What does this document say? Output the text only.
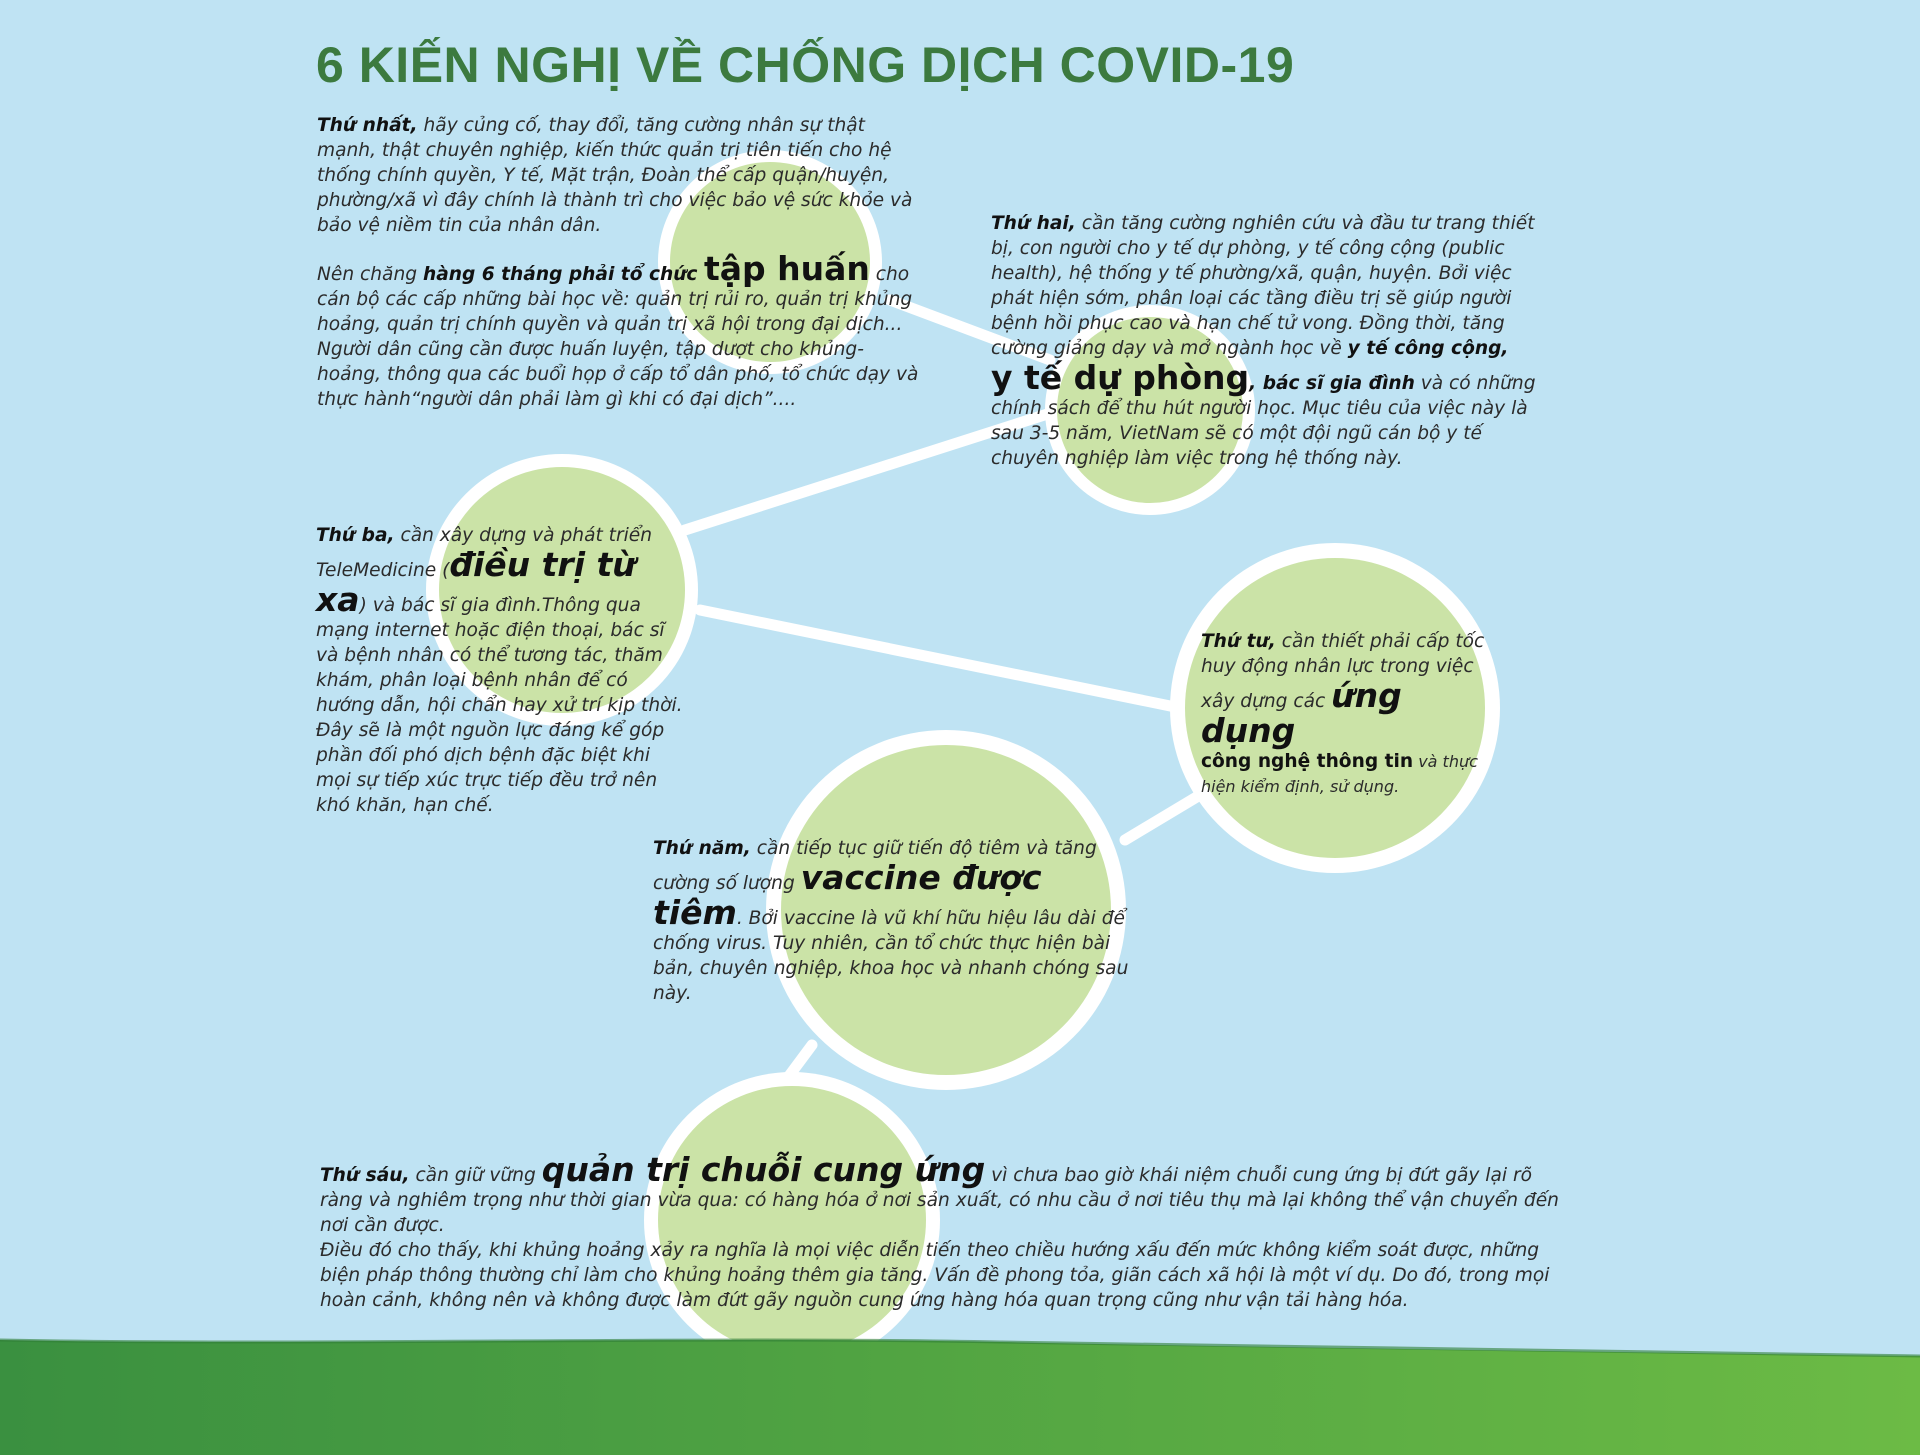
6 KIẾN NGHỊ VỀ CHỐNG DỊCH COVID-19

Thứ nhất, hãy củng cố, thay đổi, tăng cường nhân sự thật mạnh, thật chuyên nghiệp, kiến thức quản trị tiên tiến cho hệ thống chính quyền, Y tế, Mặt trận, Đoàn thể cấp quận/huyện, phường/xã vì đây chính là thành trì cho việc bảo vệ sức khỏe và bảo vệ niềm tin của nhân dân.

Nên chăng hàng 6 tháng phải tổ chức tập huấn cho cán bộ các cấp những bài học về: quản trị rủi ro, quản trị khủng hoảng, quản trị chính quyền và quản trị xã hội trong đại dịch... Người dân cũng cần được huấn luyện, tập dượt cho khủng-hoảng, thông qua các buổi họp ở cấp tổ dân phố, tổ chức dạy và thực hành“người dân phải làm gì khi có đại dịch”....

Thứ hai, cần tăng cường nghiên cứu và đầu tư trang thiết bị, con người cho y tế dự phòng, y tế công cộng (public health), hệ thống y tế phường/xã, quận, huyện. Bởi việc phát hiện sớm, phân loại các tầng điều trị sẽ giúp người bệnh hồi phục cao và hạn chế tử vong. Đồng thời, tăng cường giảng dạy và mở ngành học về y tế công cộng, y tế dự phòng, bác sĩ gia đình và có những chính sách để thu hút người học. Mục tiêu của việc này là sau 3-5 năm, VietNam sẽ có một đội ngũ cán bộ y tế chuyên nghiệp làm việc trong hệ thống này.

Thứ ba, cần xây dựng và phát triển TeleMedicine (điều trị từ xa) và bác sĩ gia đình.Thông qua mạng internet hoặc điện thoại, bác sĩ và bệnh nhân có thể tương tác, thăm khám, phân loại bệnh nhân để có hướng dẫn, hội chẩn hay xử trí kịp thời.

Đây sẽ là một nguồn lực đáng kể góp phần đối phó dịch bệnh đặc biệt khi mọi sự tiếp xúc trực tiếp đều trở nên khó khăn, hạn chế.

Thứ tư, cần thiết phải cấp tốc huy động nhân lực trong việc xây dựng các ứng dụng
công nghệ thông tin và thực hiện kiểm định, sử dụng.

Thứ năm, cần tiếp tục giữ tiến độ tiêm và tăng cường số lượng vaccine được tiêm. Bởi vaccine là vũ khí hữu hiệu lâu dài để chống virus. Tuy nhiên, cần tổ chức thực hiện bài bản, chuyên nghiệp, khoa học và nhanh chóng sau này.

Thứ sáu, cần giữ vững quản trị chuỗi cung ứng vì chưa bao giờ khái niệm chuỗi cung ứng bị đứt gãy lại rõ ràng và nghiêm trọng như thời gian vừa qua: có hàng hóa ở nơi sản xuất, có nhu cầu ở nơi tiêu thụ mà lại không thể vận chuyển đến nơi cần được.

Điều đó cho thấy, khi khủng hoảng xảy ra nghĩa là mọi việc diễn tiến theo chiều hướng xấu đến mức không kiểm soát được, những biện pháp thông thường chỉ làm cho khủng hoảng thêm gia tăng. Vấn đề phong tỏa, giãn cách xã hội là một ví dụ. Do đó, trong mọi hoàn cảnh, không nên và không được làm đứt gãy nguồn cung ứng hàng hóa quan trọng cũng như vận tải hàng hóa.
